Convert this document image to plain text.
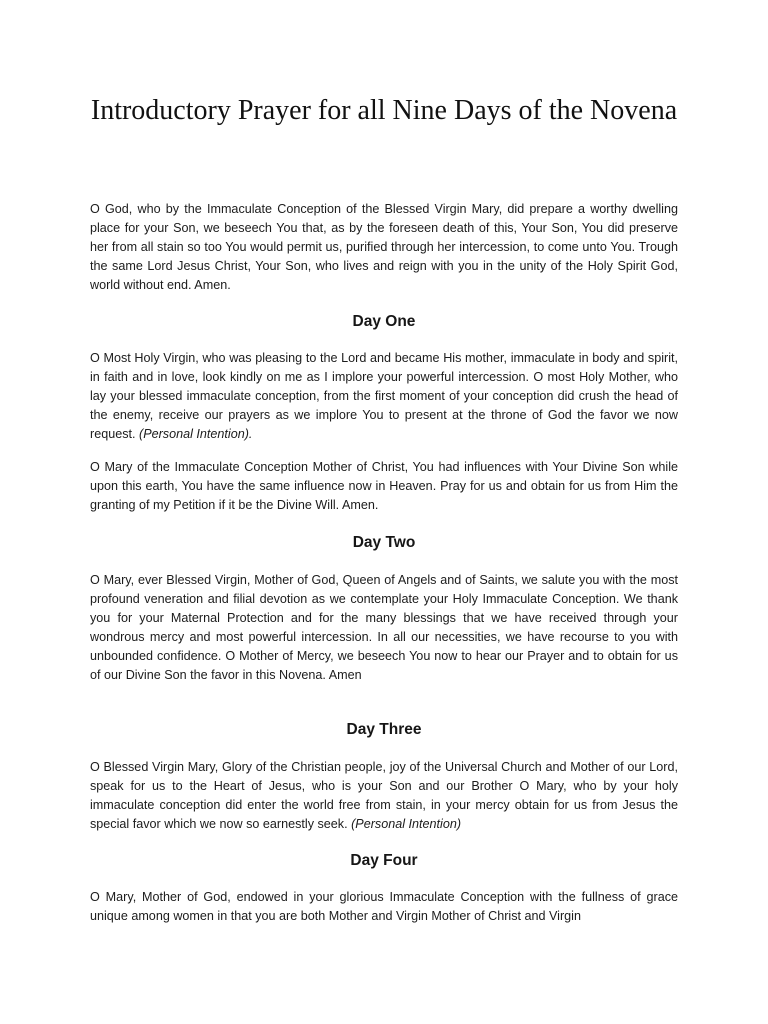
Introductory Prayer for all Nine Days of the Novena

O God, who by the Immaculate Conception of the Blessed Virgin Mary, did prepare a worthy dwelling place for your Son, we beseech You that, as by the foreseen death of this, Your Son, You did preserve her from all stain so too You would permit us, purified through her intercession, to come unto You. Trough the same Lord Jesus Christ, Your Son, who lives and reign with you in the unity of the Holy Spirit God, world without end. Amen.

Day One

O Most Holy Virgin, who was pleasing to the Lord and became His mother, immaculate in body and spirit, in faith and in love, look kindly on me as I implore your powerful intercession. O most Holy Mother, who lay your blessed immaculate conception, from the first moment of your conception did crush the head of the enemy, receive our prayers as we implore You to present at the throne of God the favor we now request. (Personal Intention).

O Mary of the Immaculate Conception Mother of Christ, You had influences with Your Divine Son while upon this earth, You have the same influence now in Heaven. Pray for us and obtain for us from Him the granting of my Petition if it be the Divine Will. Amen.

Day Two

O Mary, ever Blessed Virgin, Mother of God, Queen of Angels and of Saints, we salute you with the most profound veneration and filial devotion as we contemplate your Holy Immaculate Conception. We thank you for your Maternal Protection and for the many blessings that we have received through your wondrous mercy and most powerful intercession. In all our necessities, we have recourse to you with unbounded confidence. O Mother of Mercy, we beseech You now to hear our Prayer and to obtain for us of our Divine Son the favor in this Novena. Amen

Day Three

O Blessed Virgin Mary, Glory of the Christian people, joy of the Universal Church and Mother of our Lord, speak for us to the Heart of Jesus, who is your Son and our Brother O Mary, who by your holy immaculate conception did enter the world free from stain, in your mercy obtain for us from Jesus the special favor which we now so earnestly seek. (Personal Intention)

Day Four

O Mary, Mother of God, endowed in your glorious Immaculate Conception with the fullness of grace unique among women in that you are both Mother and Virgin Mother of Christ and Virgin
